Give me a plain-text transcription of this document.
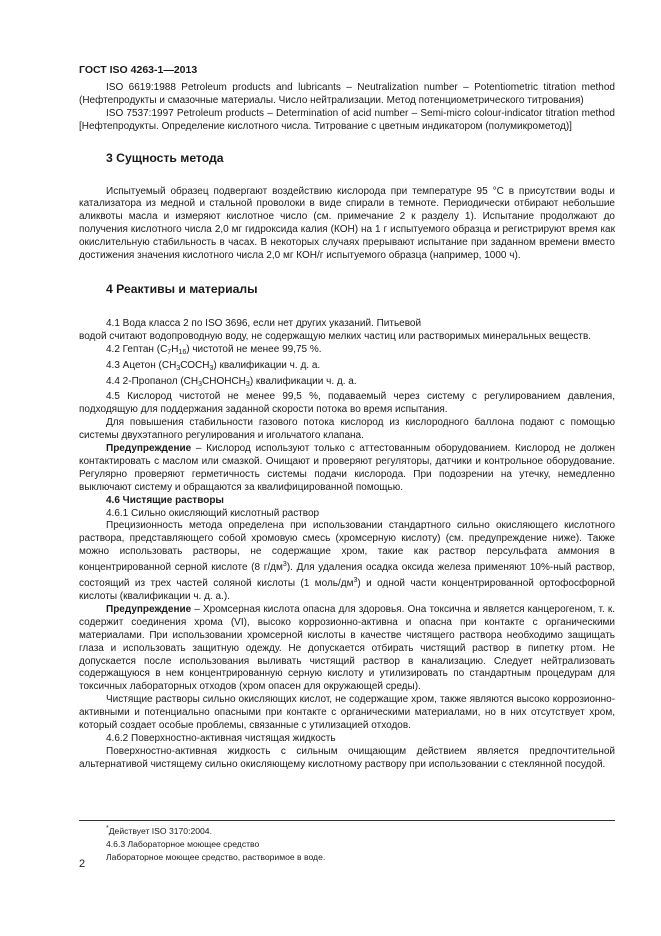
ГОСТ ISO 4263-1—2013

ISO 6619:1988 Petroleum products and lubricants – Neutralization number – Potentiometric titration method (Нефтепродукты и смазочные материалы. Число нейтрализации. Метод потенциометрического титрования)

ISO 7537:1997 Petroleum products – Determination of acid number – Semi-micro colour-indicator titration method [Нефтепродукты. Определение кислотного числа. Титрование с цветным индикатором (полумикрометод)]

3 Сущность метода

Испытуемый образец подвергают воздействию кислорода при температуре 95 °С в присутствии воды и катализатора из медной и стальной проволоки в виде спирали в темноте. Периодически отбирают небольшие аликвоты масла и измеряют кислотное число (см. примечание 2 к разделу 1). Испытание продолжают до получения кислотного числа 2,0 мг гидроксида калия (КОН) на 1 г испытуемого образца и регистрируют время как окислительную стабильность в часах. В некоторых случаях прерывают испытание при заданном времени вместо достижения значения кислотного числа 2,0 мг КОН/г испытуемого образца (например, 1000 ч).

4 Реактивы и материалы

4.1 Вода класса 2 по ISO 3696, если нет других указаний. Питьевой

водой считают водопроводную воду, не содержащую мелких частиц или растворимых минеральных веществ.

4.2 Гептан $(С_7Н_{16})$ чистотой не менее 99,75 %.

4.3 Ацетон $(СН_3СОСН_3)$ квалификации ч. д. а.

4.4 2-Пропанол $(СН_3СНОНСН_3)$ квалификации ч. д. а.

4.5 Кислород чистотой не менее 99,5 %, подаваемый через систему с регулированием давления, подходящую для поддержания заданной скорости потока во время испытания.

Для повышения стабильности газового потока кислород из кислородного баллона подают с помощью системы двухэтапного регулирования и игольчатого клапана.

Предупреждение – Кислород используют только с аттестованным оборудованием. Кислород не должен контактировать с маслом или смазкой. Очищают и проверяют регуляторы, датчики и контрольное оборудование. Регулярно проверяют герметичность системы подачи кислорода. При подозрении на утечку, немедленно выключают систему и обращаются за квалифицированной помощью.

4.6 Чистящие растворы

4.6.1 Сильно окисляющий кислотный раствор

Прецизионность метода определена при использовании стандартного сильно окисляющего кислотного раствора, представляющего собой хромовую смесь (хромсерную кислоту) (см. предупреждение ниже). Также можно использовать растворы, не содержащие хром, такие как раствор персульфата аммония в концентрированной серной кислоте (8 $г/дм^3$). Для удаления осадка оксида железа применяют 10%-ный раствор, состоящий из трех частей соляной кислоты (1 моль/$дм^3$) и одной части концентрированной ортофосфорной кислоты (квалификации ч. д. а.).

Предупреждение – Хромсерная кислота опасна для здоровья. Она токсична и является канцерогеном, т. к. содержит соединения хрома (VI), высоко коррозионно-активна и опасна при контакте с органическими материалами. При использовании хромсерной кислоты в качестве чистящего раствора необходимо защищать глаза и использовать защитную одежду. Не допускается отбирать чистящий раствор в пипетку ртом. Не допускается после использования выливать чистящий раствор в канализацию. Следует нейтрализовать содержащуюся в нем концентрированную серную кислоту и утилизировать по стандартным процедурам для токсичных лабораторных отходов (хром опасен для окружающей среды).

Чистящие растворы сильно окисляющих кислот, не содержащие хром, также являются высоко коррозионно-активными и потенциально опасными при контакте с органическими материалами, но в них отсутствует хром, который создает особые проблемы, связанные с утилизацией отходов.

4.6.2 Поверхностно-активная чистящая жидкость

Поверхностно-активная жидкость с сильным очищающим действием является предпочтительной альтернативой чистящему сильно окисляющему кислотному раствору при использовании с стеклянной посудой.

*Действует ISO 3170:2004.
4.6.3 Лабораторное моющее средство
Лабораторное моющее средство, растворимое в воде.
2
